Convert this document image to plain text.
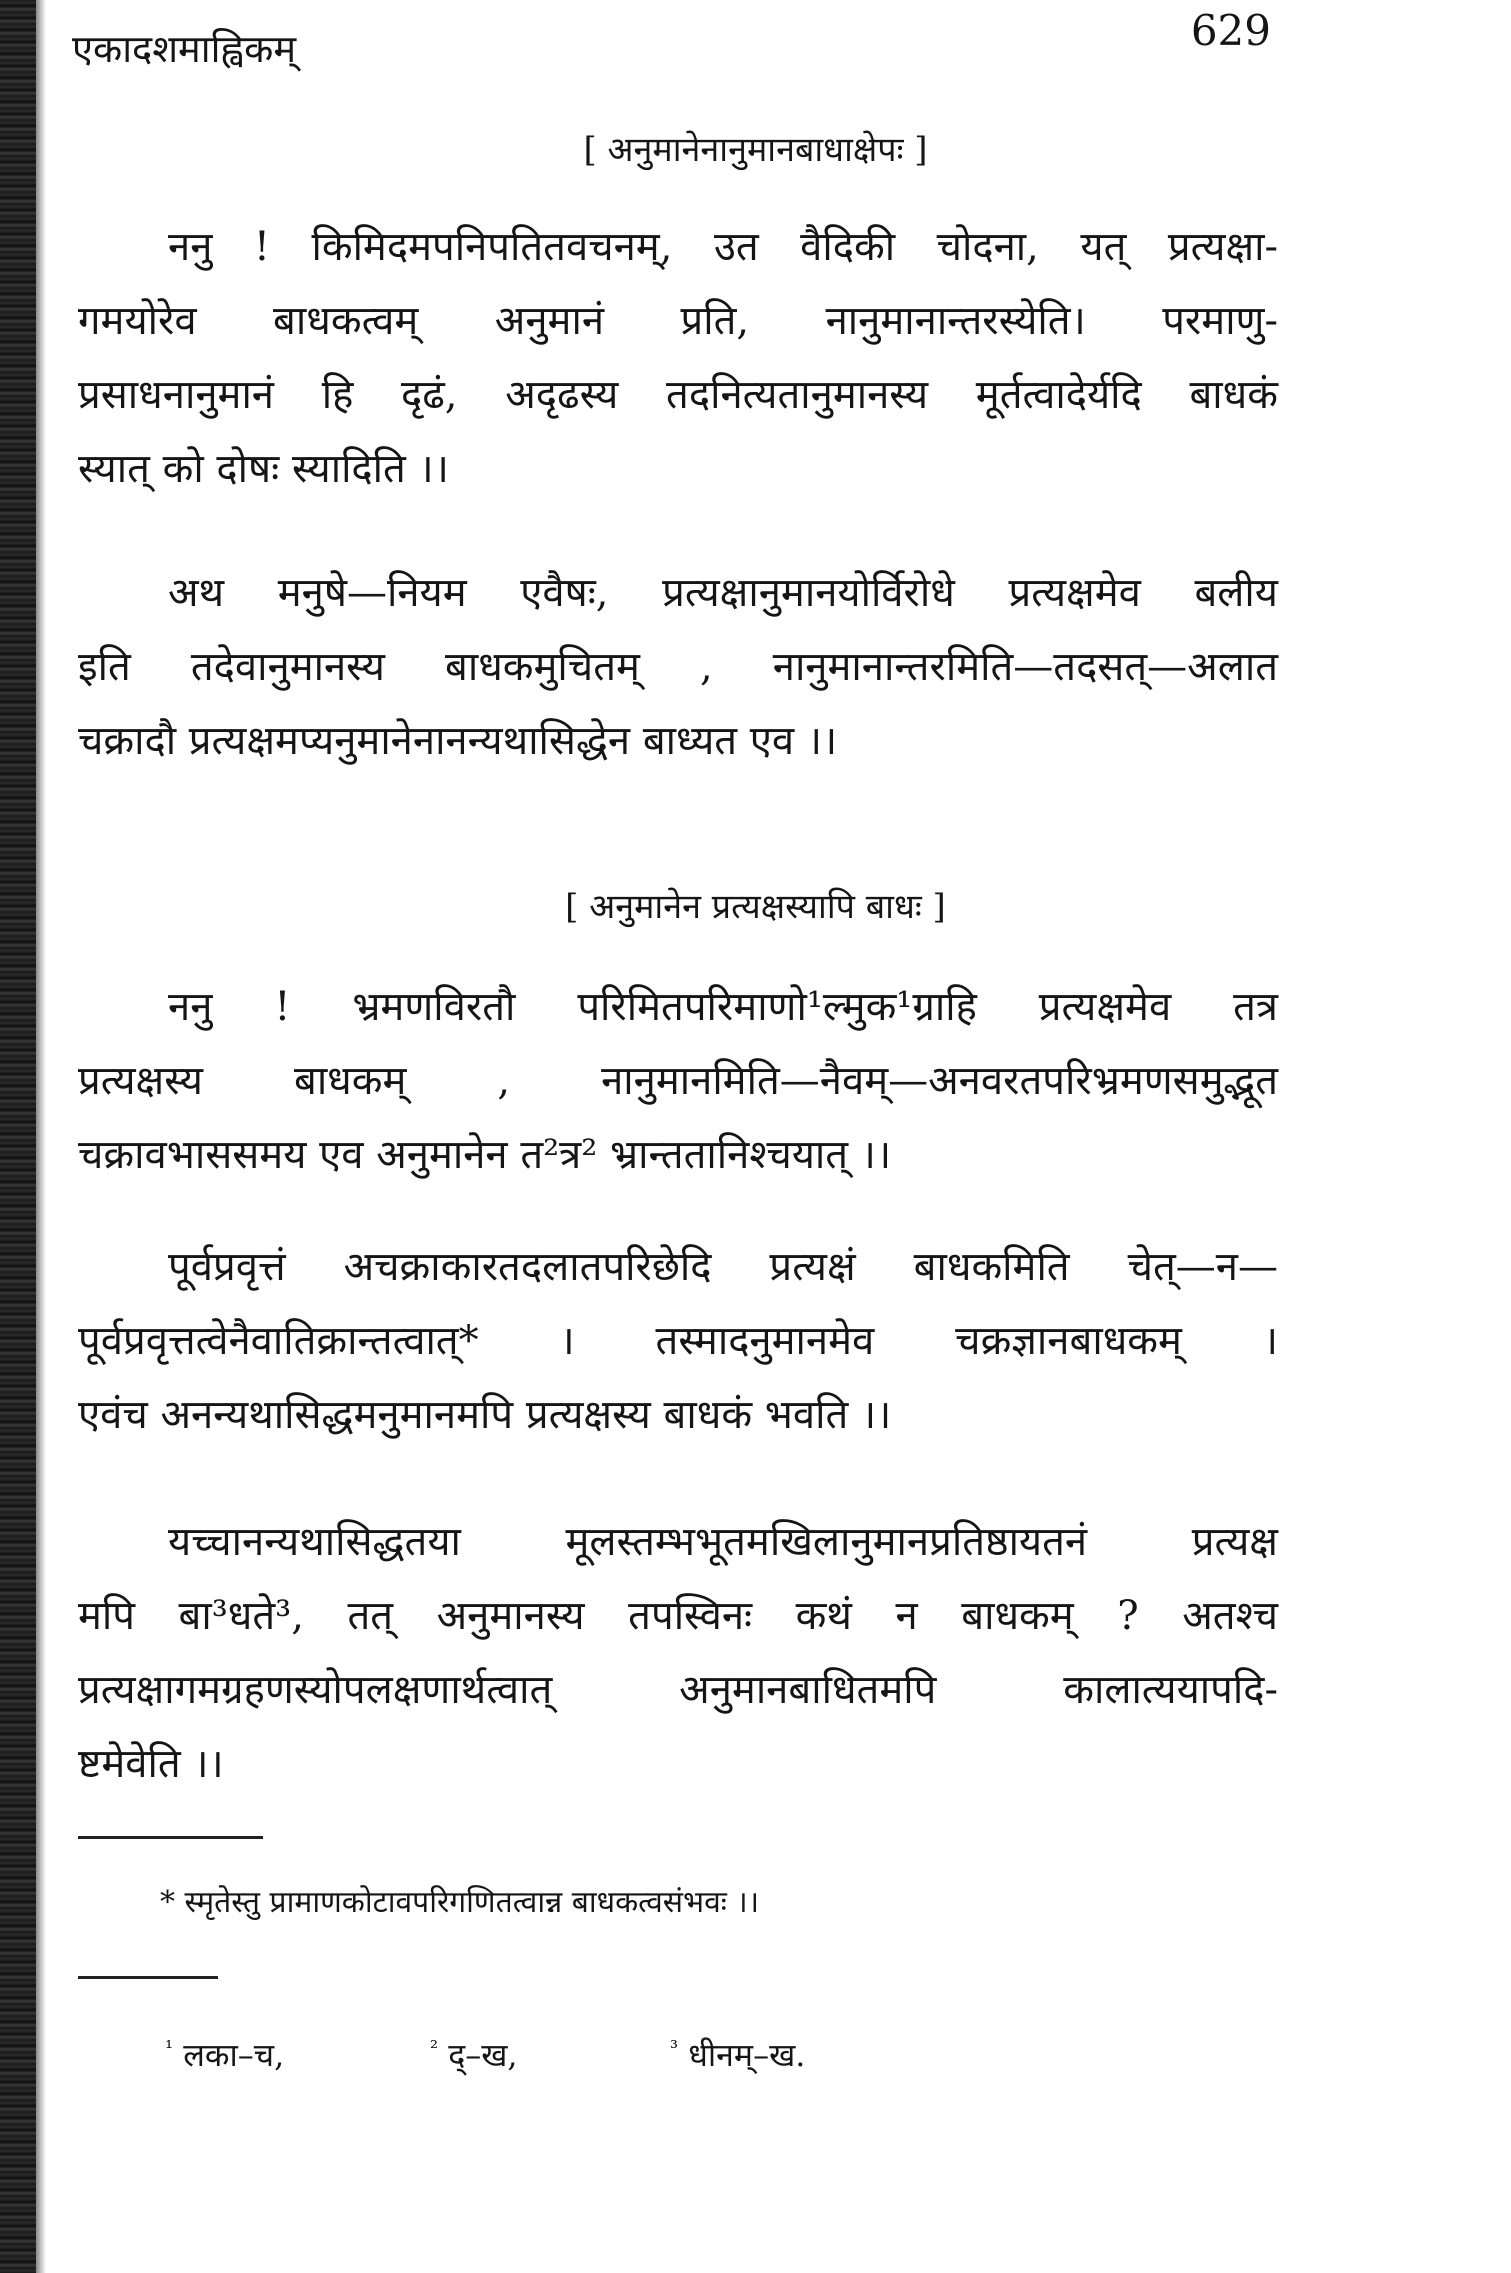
एकादशमाह्विकम्	629
[ अनुमानेनानुमानबाधाक्षेपः ]
ननु ! किमिदमपनिपतितवचनम्, उत वैदिकी चोदना, यत् प्रत्यक्षा-
गमयोरेव बाधकत्वम् अनुमानं प्रति, नानुमानान्तरस्येति। परमाणु-
प्रसाधनानुमानं हि दृढं, अदृढस्य तदनित्यतानुमानस्य मूर्तत्वादेर्यदि बाधकं
स्यात् को दोषः स्यादिति ।।
अथ मनुषे—नियम एवैषः, प्रत्यक्षानुमानयोर्विरोधे प्रत्यक्षमेव बलीय
इति तदेवानुमानस्य बाधकमुचितम् , नानुमानान्तरमिति—तदसत्—अलात
चक्रादौ प्रत्यक्षमप्यनुमानेनानन्यथासिद्धेन बाध्यत एव ।।
[ अनुमानेन प्रत्यक्षस्यापि बाधः ]
ननु ! भ्रमणविरतौ परिमितपरिमाणो¹ल्मुक¹ग्राहि प्रत्यक्षमेव तत्र
प्रत्यक्षस्य बाधकम् , नानुमानमिति—नैवम्—अनवरतपरिभ्रमणसमुद्भूत
चक्रावभाससमय एव अनुमानेन त²त्र² भ्रान्ततानिश्चयात् ।।
पूर्वप्रवृत्तं अचक्राकारतदलातपरिछेदि प्रत्यक्षं बाधकमिति चेत्—न—
पूर्वप्रवृत्तत्वेनैवातिक्रान्तत्वात्* । तस्मादनुमानमेव चक्रज्ञानबाधकम् ।
एवंच अनन्यथासिद्धमनुमानमपि प्रत्यक्षस्य बाधकं भवति ।।
यच्चानन्यथासिद्धतया मूलस्तम्भभूतमखिलानुमानप्रतिष्ठायतनं प्रत्यक्ष
मपि बा³धते³, तत् अनुमानस्य तपस्विनः कथं न बाधकम् ? अतश्च
प्रत्यक्षागमग्रहणस्योपलक्षणार्थत्वात् अनुमानबाधितमपि कालात्ययापदि-
ष्टमेवेति ।।
* स्मृतेस्तु प्रामाणकोटावपरिगणितत्वान्न बाधकत्वसंभवः ।।
$^{^1}$ लका–च,	$^{^2}$ द्–ख,	$^{^3}$ धीनम्–ख.
